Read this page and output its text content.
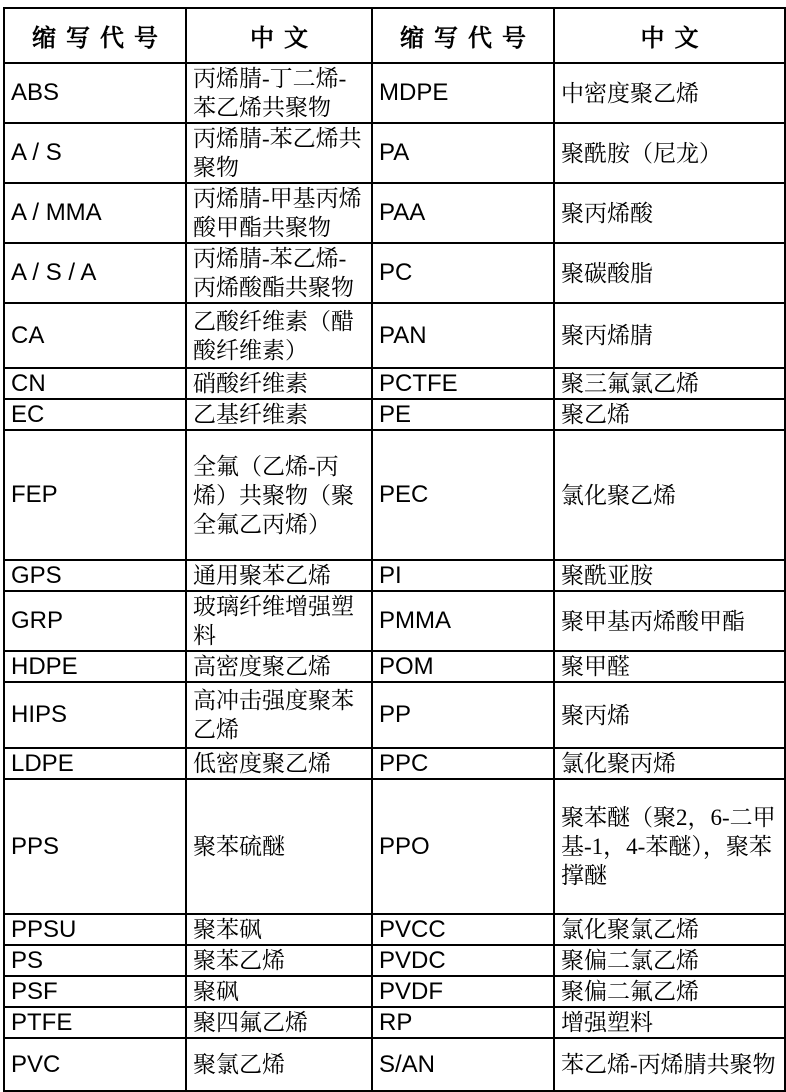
缩写代号	中文	缩写代号	中文
ABS	丙烯腈-丁二烯-苯乙烯共聚物	MDPE	中密度聚乙烯
A / S	丙烯腈-苯乙烯共聚物	PA	聚酰胺（尼龙）
A / MMA	丙烯腈-甲基丙烯酸甲酯共聚物	PAA	聚丙烯酸
A / S / A	丙烯腈-苯乙烯-丙烯酸酯共聚物	PC	聚碳酸脂
CA	乙酸纤维素（醋酸纤维素）	PAN	聚丙烯腈
CN	硝酸纤维素	PCTFE	聚三氟氯乙烯
EC	乙基纤维素	PE	聚乙烯
FEP	全氟（乙烯-丙烯）共聚物（聚全氟乙丙烯）	PEC	氯化聚乙烯
GPS	通用聚苯乙烯	PI	聚酰亚胺
GRP	玻璃纤维增强塑料	PMMA	聚甲基丙烯酸甲酯
HDPE	高密度聚乙烯	POM	聚甲醛
HIPS	高冲击强度聚苯乙烯	PP	聚丙烯
LDPE	低密度聚乙烯	PPC	氯化聚丙烯
PPS	聚苯硫醚	PPO	聚苯醚（聚2，6-二甲基-1，4-苯醚），聚苯撑醚
PPSU	聚苯砜	PVCC	氯化聚氯乙烯
PS	聚苯乙烯	PVDC	聚偏二氯乙烯
PSF	聚砜	PVDF	聚偏二氟乙烯
PTFE	聚四氟乙烯	RP	增强塑料
PVC	聚氯乙烯	S/AN	苯乙烯-丙烯腈共聚物
